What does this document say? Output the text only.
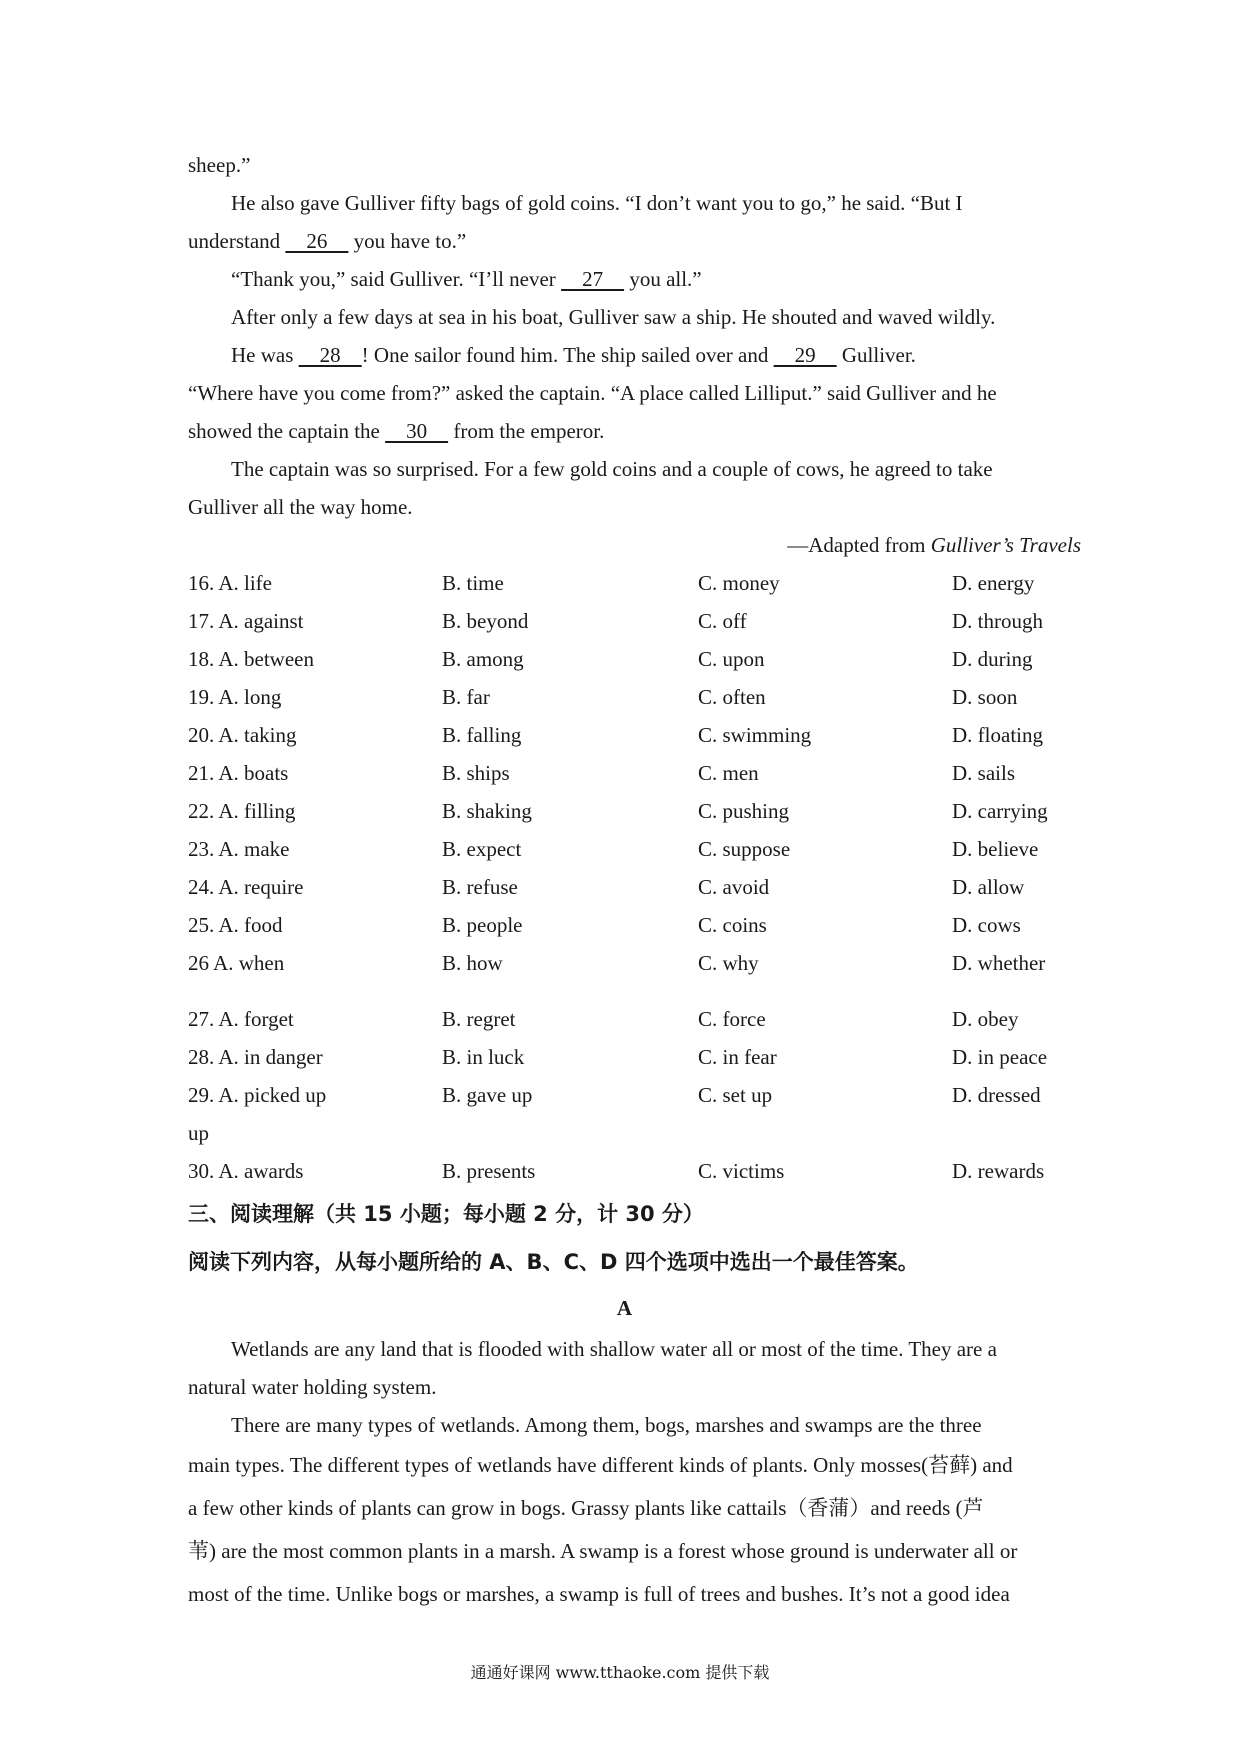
sheep.”

He also gave Gulliver fifty bags of gold coins. “I don’t want you to go,” he said. “But I

understand     26     you have to.”

“Thank you,” said Gulliver. “I’ll never     27     you all.”

After only a few days at sea in his boat, Gulliver saw a ship. He shouted and waved wildly.

He was     28    ! One sailor found him. The ship sailed over and     29     Gulliver.

“Where have you come from?” asked the captain. “A place called Lilliput.” said Gulliver and he

showed the captain the     30     from the emperor.

The captain was so surprised. For a few gold coins and a couple of cows, he agreed to take

Gulliver all the way home.

—Adapted from Gulliver’s Travels

16. A. life	B. time	C. money	D. energy
17. A. against	B. beyond	C. off	D. through
18. A. between	B. among	C. upon	D. during
19. A. long	B. far	C. often	D. soon
20. A. taking	B. falling	C. swimming	D. floating
21. A. boats	B. ships	C. men	D. sails
22. A. filling	B. shaking	C. pushing	D. carrying
23. A. make	B. expect	C. suppose	D. believe
24. A. require	B. refuse	C. avoid	D. allow
25. A. food	B. people	C. coins	D. cows
26 A. when	B. how	C. why	D. whether
27. A. forget	B. regret	C. force	D. obey
28. A. in danger	B. in luck	C. in fear	D. in peace
29. A. picked up	B. gave up	C. set up	D. dressed
up			
30. A. awards	B. presents	C. victims	D. rewards

三、阅读理解（共 15 小题；每小题 2 分，计 30 分）

阅读下列内容，从每小题所给的 A、B、C、D 四个选项中选出一个最佳答案。

A

Wetlands are any land that is flooded with shallow water all or most of the time. They are a

natural water holding system.

There are many types of wetlands. Among them, bogs, marshes and swamps are the three

main types. The different types of wetlands have different kinds of plants. Only mosses(苔藓) and

a few other kinds of plants can grow in bogs. Grassy plants like cattails（香蒲）and reeds (芦

苇) are the most common plants in a marsh. A swamp is a forest whose ground is underwater all or

most of the time. Unlike bogs or marshes, a swamp is full of trees and bushes. It’s not a good idea

通通好课网 www.tthaoke.com 提供下载
